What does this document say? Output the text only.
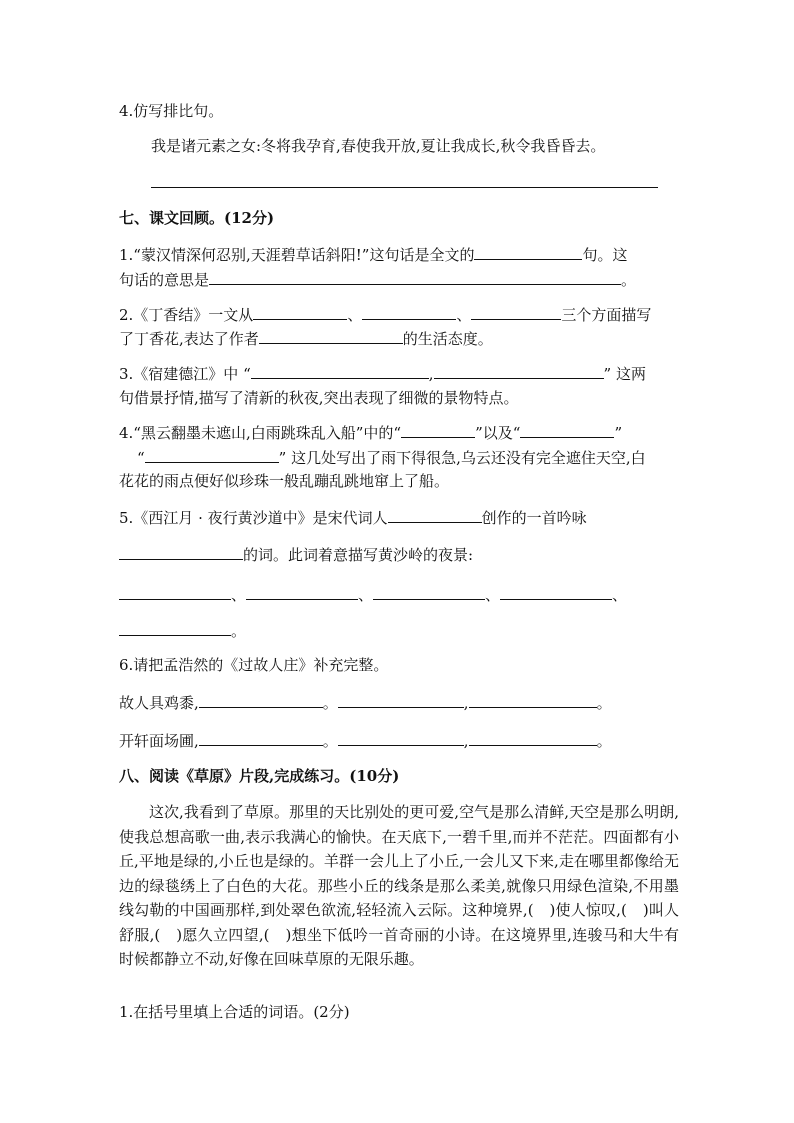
4.仿写排比句。
我是诸元素之女:冬将我孕育,春使我开放,夏让我成长,秋令我昏昏去。
七、课文回顾。(12分)
1.“蒙汉情深何忍别,天涯碧草话斜阳!”这句话是全文的	句。这
句话的意思是	。
2.《丁香结》一文从	、	、	三个方面描写
了丁香花,表达了作者	的生活态度。
3.《宿建德江》中 “	,	” 这两
句借景抒情,描写了清新的秋夜,突出表现了细微的景物特点。
4.“黑云翻墨未遮山,白雨跳珠乱入船”中的“	”以及“	”
“	” 这几处写出了雨下得很急,乌云还没有完全遮住天空,白
花花的雨点便好似珍珠一般乱蹦乱跳地窜上了船。
5.《西江月 · 夜行黄沙道中》是宋代词人	创作的一首吟咏
的词。此词着意描写黄沙岭的夜景:
、	、	、	、
。
6.请把孟浩然的《过故人庄》补充完整。
故人具鸡黍,	。	,	。
开轩面场圃,	。	,	。
八、阅读《草原》片段,完成练习。(10分)
这次,我看到了草原。那里的天比别处的更可爱,空气是那么清鲜,天空是那么明朗,使我总想高歌一曲,表示我满心的愉快。在天底下,一碧千里,而并不茫茫。四面都有小丘,平地是绿的,小丘也是绿的。羊群一会儿上了小丘,一会儿又下来,走在哪里都像给无边的绿毯绣上了白色的大花。那些小丘的线条是那么柔美,就像只用绿色渲染,不用墨线勾勒的中国画那样,到处翠色欲流,轻轻流入云际。这种境界,( )使人惊叹,( )叫人舒服,( )愿久立四望,( )想坐下低吟一首奇丽的小诗。在这境界里,连骏马和大牛有时候都静立不动,好像在回味草原的无限乐趣。
1.在括号里填上合适的词语。(2分)
